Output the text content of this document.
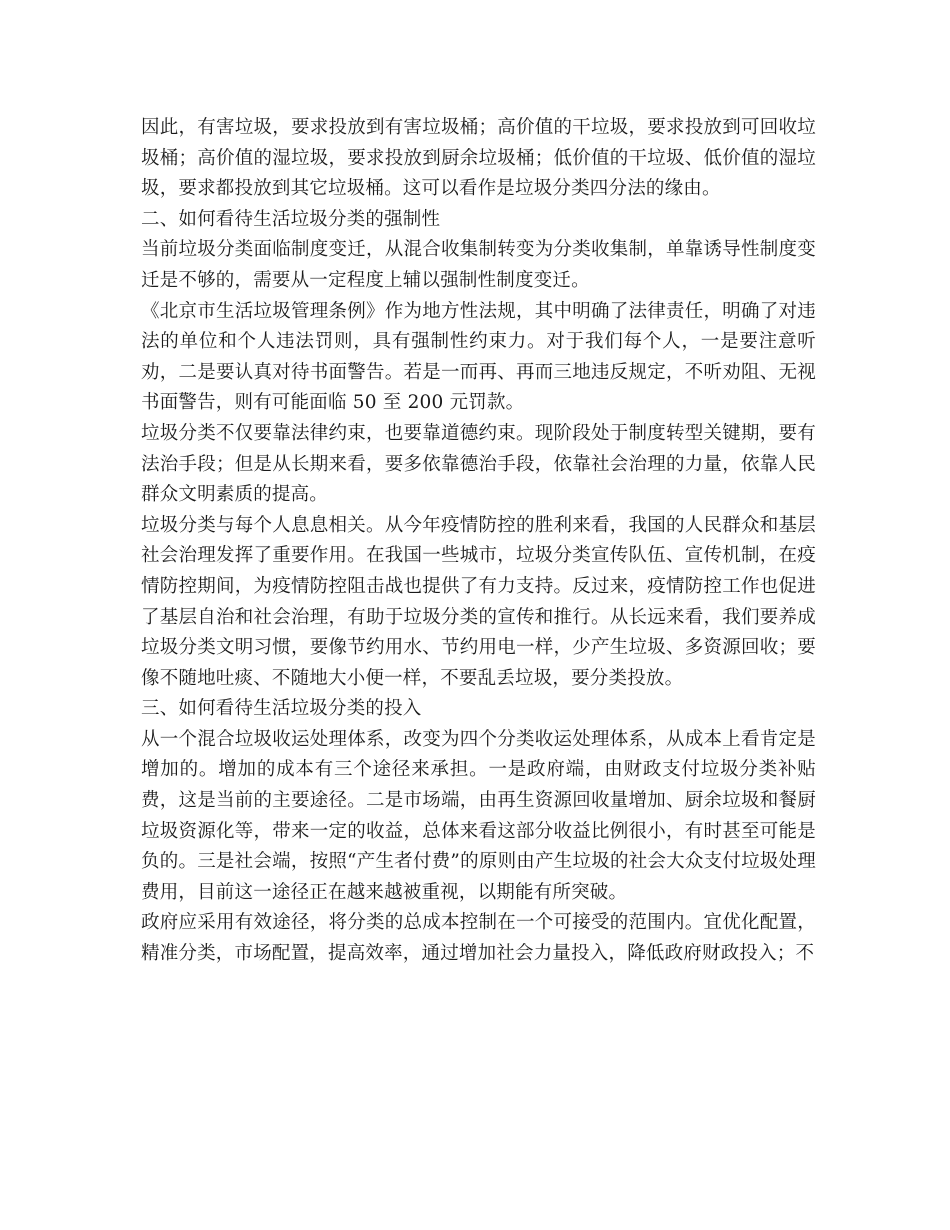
因此，有害垃圾，要求投放到有害垃圾桶；高价值的干垃圾，要求投放到可回收垃圾桶；高价值的湿垃圾，要求投放到厨余垃圾桶；低价值的干垃圾、低价值的湿垃圾，要求都投放到其它垃圾桶。这可以看作是垃圾分类四分法的缘由。

二、如何看待生活垃圾分类的强制性

当前垃圾分类面临制度变迁，从混合收集制转变为分类收集制，单靠诱导性制度变迁是不够的，需要从一定程度上辅以强制性制度变迁。

《北京市生活垃圾管理条例》作为地方性法规，其中明确了法律责任，明确了对违法的单位和个人违法罚则，具有强制性约束力。对于我们每个人，一是要注意听劝，二是要认真对待书面警告。若是一而再、再而三地违反规定，不听劝阻、无视书面警告，则有可能面临 50 至 200 元罚款。

垃圾分类不仅要靠法律约束，也要靠道德约束。现阶段处于制度转型关键期，要有法治手段；但是从长期来看，要多依靠德治手段，依靠社会治理的力量，依靠人民群众文明素质的提高。

垃圾分类与每个人息息相关。从今年疫情防控的胜利来看，我国的人民群众和基层社会治理发挥了重要作用。在我国一些城市，垃圾分类宣传队伍、宣传机制，在疫情防控期间，为疫情防控阻击战也提供了有力支持。反过来，疫情防控工作也促进了基层自治和社会治理，有助于垃圾分类的宣传和推行。从长远来看，我们要养成垃圾分类文明习惯，要像节约用水、节约用电一样，少产生垃圾、多资源回收；要像不随地吐痰、不随地大小便一样，不要乱丢垃圾，要分类投放。

三、如何看待生活垃圾分类的投入

从一个混合垃圾收运处理体系，改变为四个分类收运处理体系，从成本上看肯定是增加的。增加的成本有三个途径来承担。一是政府端，由财政支付垃圾分类补贴费，这是当前的主要途径。二是市场端，由再生资源回收量增加、厨余垃圾和餐厨垃圾资源化等，带来一定的收益，总体来看这部分收益比例很小，有时甚至可能是负的。三是社会端，按照“产生者付费”的原则由产生垃圾的社会大众支付垃圾处理费用，目前这一途径正在越来越被重视，以期能有所突破。

政府应采用有效途径，将分类的总成本控制在一个可接受的范围内。宜优化配置，精准分类，市场配置，提高效率，通过增加社会力量投入，降低政府财政投入；不
